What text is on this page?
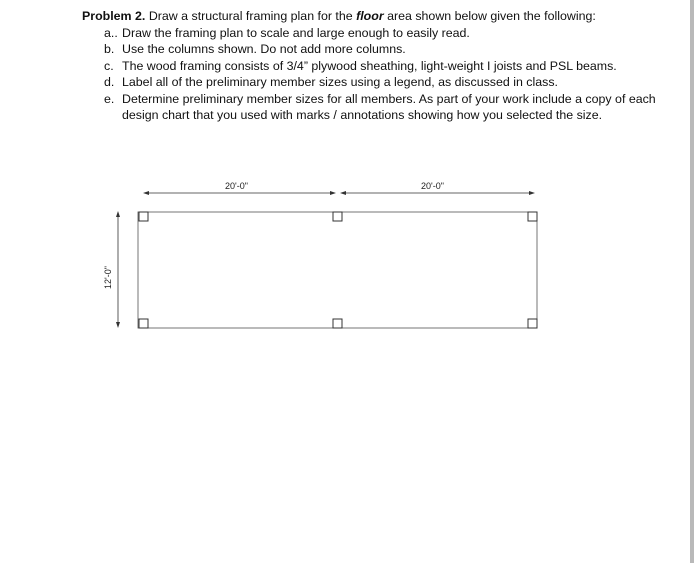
Problem 2. Draw a structural framing plan for the floor area shown below given the following:

a.. Draw the framing plan to scale and large enough to easily read.
b. Use the columns shown. Do not add more columns.
c. The wood framing consists of 3/4” plywood sheathing, light-weight I joists and PSL beams.
d. Label all of the preliminary member sizes using a legend, as discussed in class.
e. Determine preliminary member sizes for all members. As part of your work include a copy of each design chart that you used with marks / annotations showing how you selected the size.
20'-0"	20'-0"
12'-0"
